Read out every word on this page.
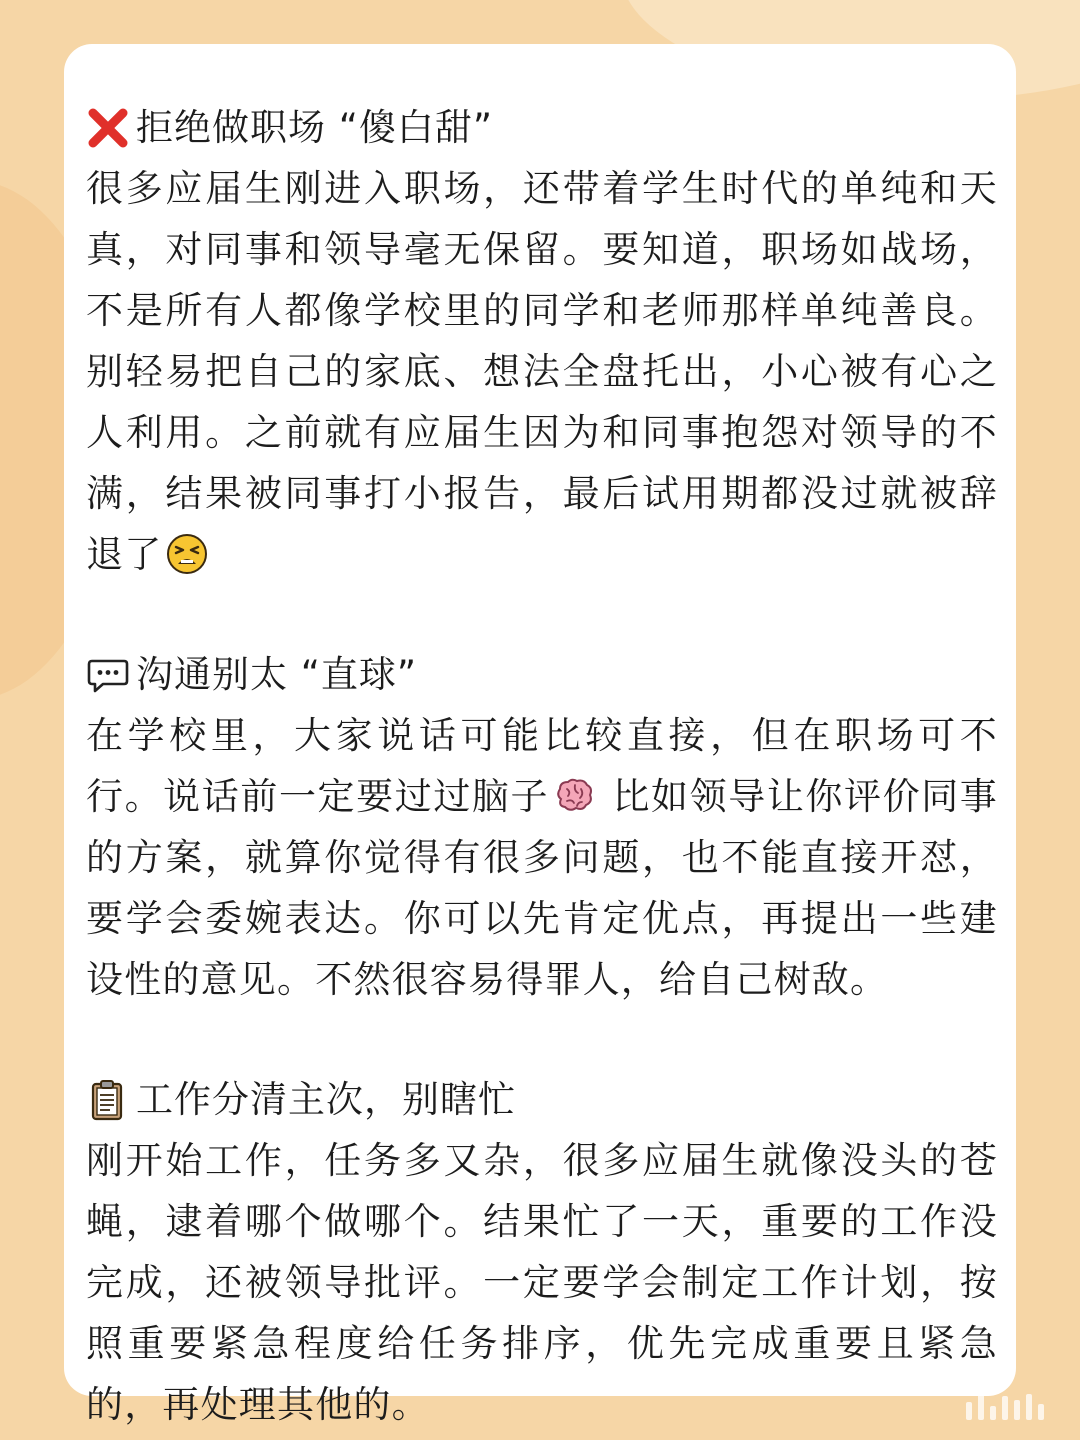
拒绝做职场 “傻白甜”

很多应届生刚进入职场，还带着学生时代的单纯和天真，对同事和领导毫无保留。要知道，职场如战场，不是所有人都像学校里的同学和老师那样单纯善良。别轻易把自己的家底、想法全盘托出，小心被有心之人利用。之前就有应届生因为和同事抱怨对领导的不满，结果被同事打小报告，最后试用期都没过就被辞退了

沟通别太 “直球”

在学校里，大家说话可能比较直接，但在职场可不行。说话前一定要过过脑子 比如领导让你评价同事的方案，就算你觉得有很多问题，也不能直接开怼，要学会委婉表达。你可以先肯定优点，再提出一些建设性的意见。不然很容易得罪人，给自己树敌。

工作分清主次，别瞎忙

刚开始工作，任务多又杂，很多应届生就像没头的苍蝇，逮着哪个做哪个。结果忙了一天，重要的工作没完成，还被领导批评。一定要学会制定工作计划，按照重要紧急程度给任务排序，优先完成重要且紧急的，再处理其他的。
